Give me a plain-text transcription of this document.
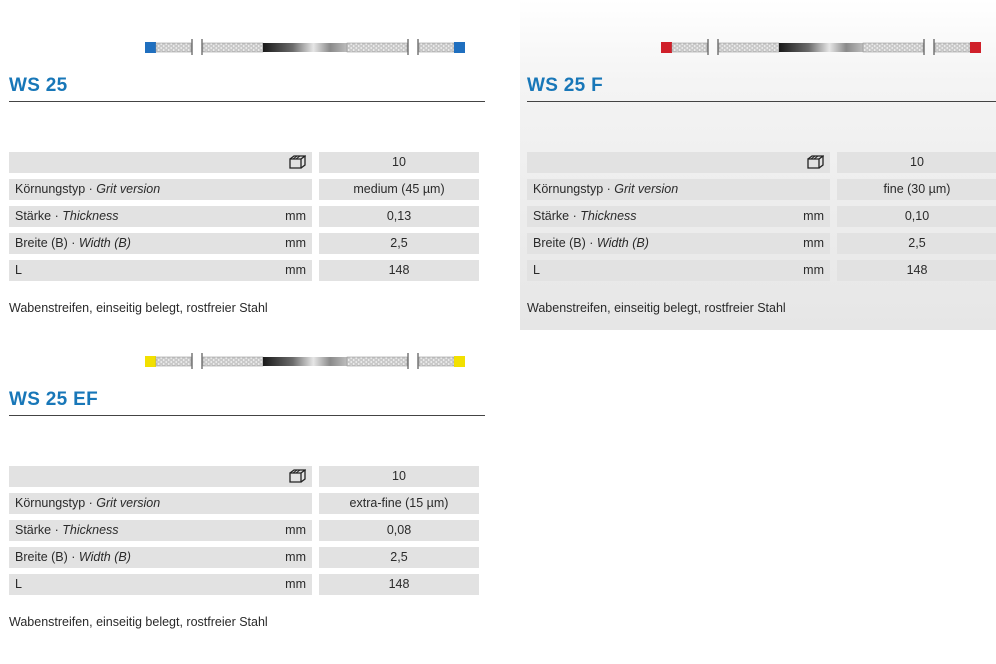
WS 25
10
Körnungstyp · Grit version	medium (45 µm)
Stärke · Thickness	mm	0,13
Breite (B) · Width (B)	mm	2,5
L	mm	148
Wabenstreifen, einseitig belegt, rostfreier Stahl
WS 25 F
10
Körnungstyp · Grit version	fine (30 µm)
Stärke · Thickness	mm	0,10
Breite (B) · Width (B)	mm	2,5
L	mm	148
Wabenstreifen, einseitig belegt, rostfreier Stahl
WS 25 EF
10
Körnungstyp · Grit version	extra-fine (15 µm)
Stärke · Thickness	mm	0,08
Breite (B) · Width (B)	mm	2,5
L	mm	148
Wabenstreifen, einseitig belegt, rostfreier Stahl
